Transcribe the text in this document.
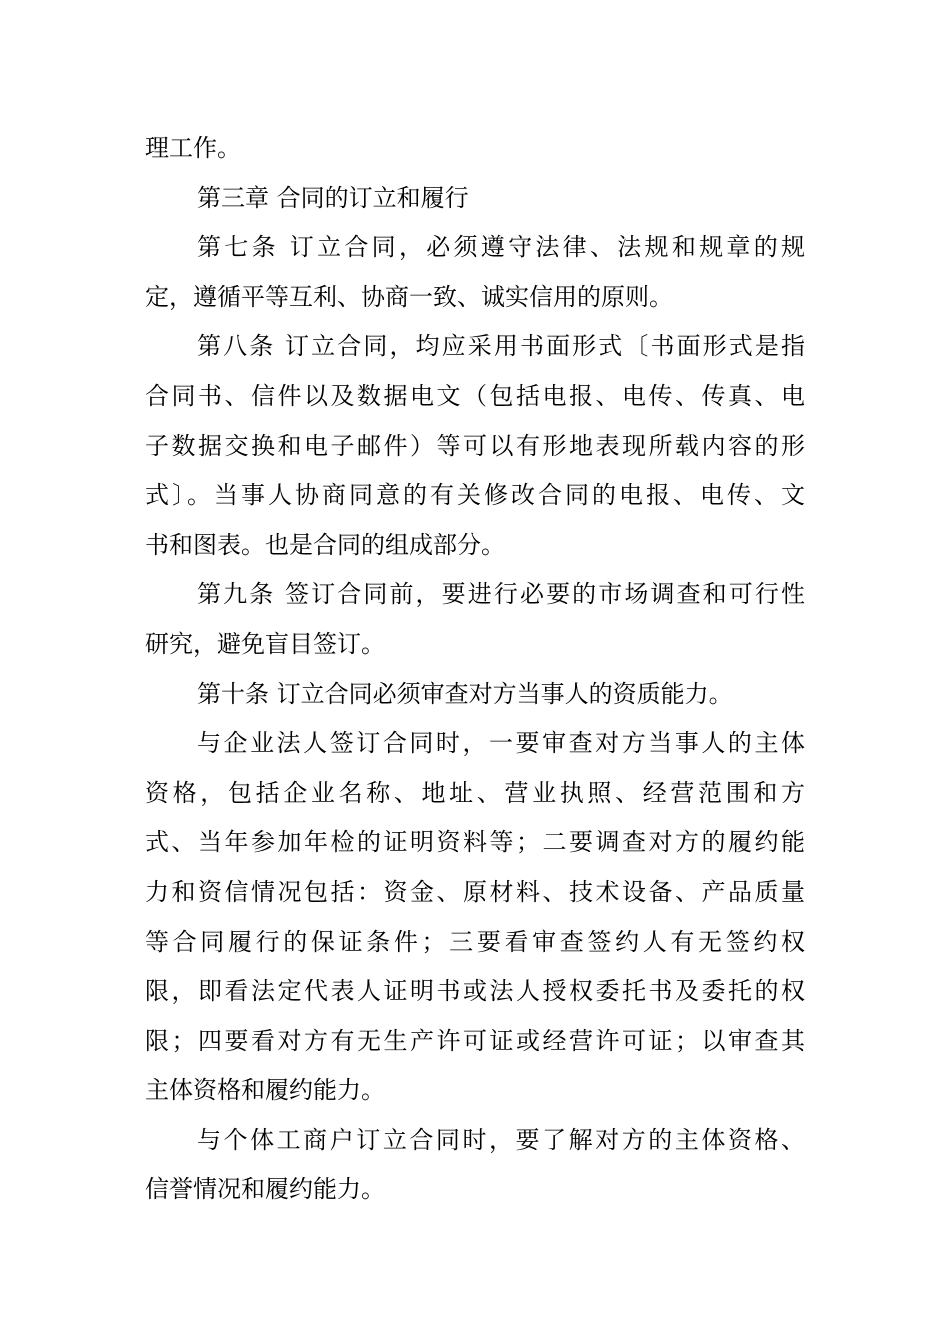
理工作。
第三章 合同的订立和履行
第七条 订立合同，必须遵守法律、法规和规章的规
定，遵循平等互利、协商一致、诚实信用的原则。
第八条 订立合同，均应采用书面形式〔书面形式是指
合同书、信件以及数据电文（包括电报、电传、传真、电
子数据交换和电子邮件）等可以有形地表现所载内容的形
式〕。当事人协商同意的有关修改合同的电报、电传、文
书和图表。也是合同的组成部分。
第九条 签订合同前，要进行必要的市场调查和可行性
研究，避免盲目签订。
第十条 订立合同必须审查对方当事人的资质能力。
与企业法人签订合同时，一要审查对方当事人的主体
资格，包括企业名称、地址、营业执照、经营范围和方
式、当年参加年检的证明资料等；二要调查对方的履约能
力和资信情况包括：资金、原材料、技术设备、产品质量
等合同履行的保证条件；三要看审查签约人有无签约权
限，即看法定代表人证明书或法人授权委托书及委托的权
限；四要看对方有无生产许可证或经营许可证；以审查其
主体资格和履约能力。
与个体工商户订立合同时，要了解对方的主体资格、
信誉情况和履约能力。
